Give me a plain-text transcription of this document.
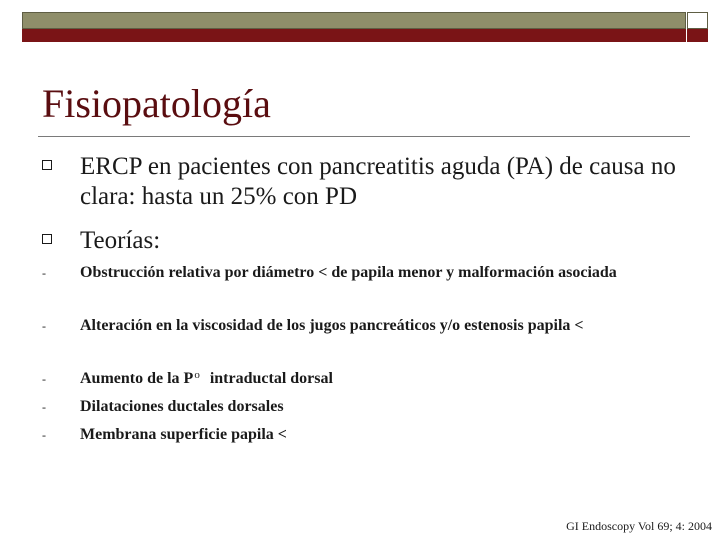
Fisiopatología
ERCP en pacientes con pancreatitis aguda (PA) de causa no clara: hasta un 25% con PD
Teorías:
- Obstrucción relativa por diámetro < de papila menor y malformación asociada
- Alteración en la viscosidad de los jugos pancreáticos y/o estenosis papila <
- Aumento de la $P^o$ intraductal dorsal
- Dilataciones ductales dorsales
- Membrana superficie papila <
GI Endoscopy Vol 69; 4: 2004
